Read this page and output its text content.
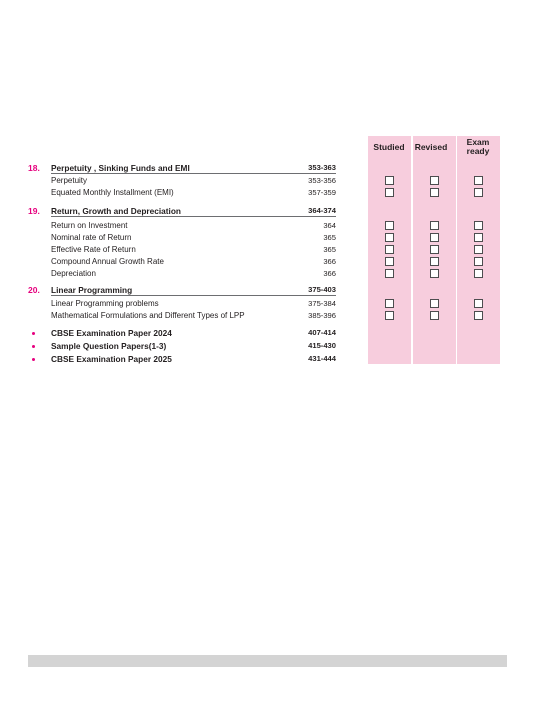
Studied	Revised	Exam
ready
18. Perpetuity , Sinking Funds and EMI	353-363
Perpetuity	353-356
Equated Monthly Installment (EMI)	357-359
19. Return, Growth and Depreciation	364-374
Return on Investment	364
Nominal rate of Return	365
Effective Rate of Return	365
Compound Annual Growth Rate	366
Depreciation	366
20. Linear Programming	375-403
Linear Programming problems	375-384
Mathematical Formulations and Different Types of LPP	385-396
CBSE Examination Paper 2024	407-414
Sample Question Papers(1-3)	415-430
CBSE Examination Paper 2025	431-444
